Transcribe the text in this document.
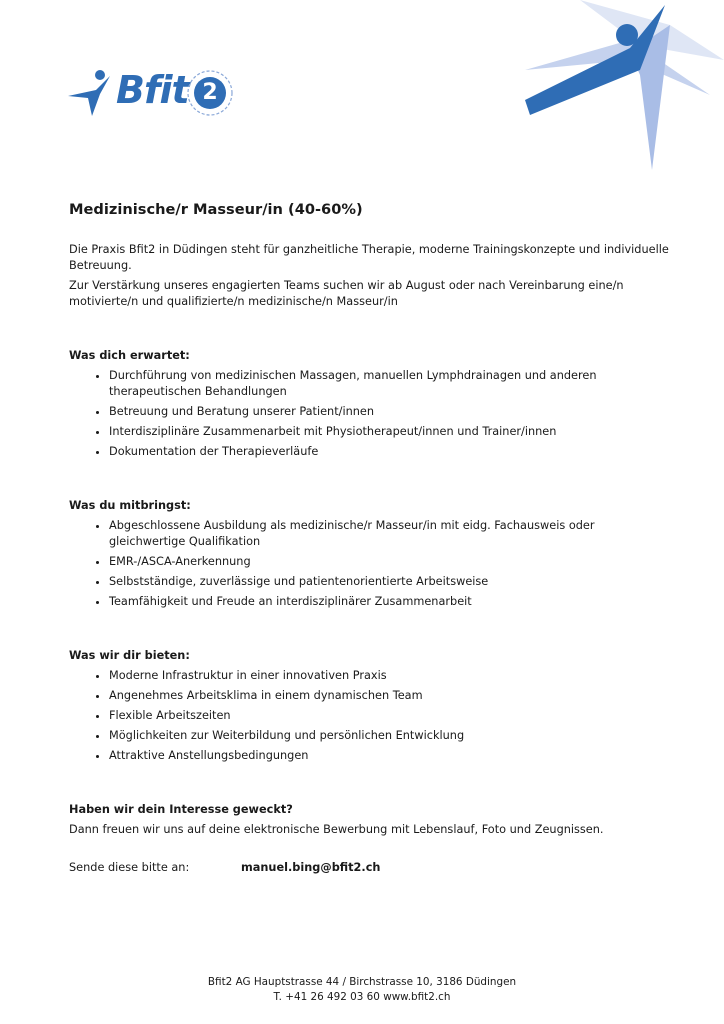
Bfit 2
Medizinische/r Masseur/in (40-60%)

Die Praxis Bfit2 in Düdingen steht für ganzheitliche Therapie, moderne Trainingskonzepte und individuelle Betreuung.

Zur Verstärkung unseres engagierten Teams suchen wir ab August oder nach Vereinbarung eine/n motivierte/n und qualifizierte/n medizinische/n Masseur/in

Was dich erwartet:
• Durchführung von medizinischen Massagen, manuellen Lymphdrainagen und anderen therapeutischen Behandlungen
• Betreuung und Beratung unserer Patient/innen
• Interdisziplinäre Zusammenarbeit mit Physiotherapeut/innen und Trainer/innen
• Dokumentation der Therapieverläufe
Was du mitbringst:
• Abgeschlossene Ausbildung als medizinische/r Masseur/in mit eidg. Fachausweis oder gleichwertige Qualifikation
• EMR-/ASCA-Anerkennung
• Selbstständige, zuverlässige und patientenorientierte Arbeitsweise
• Teamfähigkeit und Freude an interdisziplinärer Zusammenarbeit
Was wir dir bieten:
• Moderne Infrastruktur in einer innovativen Praxis
• Angenehmes Arbeitsklima in einem dynamischen Team
• Flexible Arbeitszeiten
• Möglichkeiten zur Weiterbildung und persönlichen Entwicklung
• Attraktive Anstellungsbedingungen
Haben wir dein Interesse geweckt?

Dann freuen wir uns auf deine elektronische Bewerbung mit Lebenslauf, Foto und Zeugnissen.

Sende diese bitte an:	manuel.bing@bfit2.ch
Bfit2 AG Hauptstrasse 44 / Birchstrasse 10, 3186 Düdingen
T. +41 26 492 03 60 www.bfit2.ch
